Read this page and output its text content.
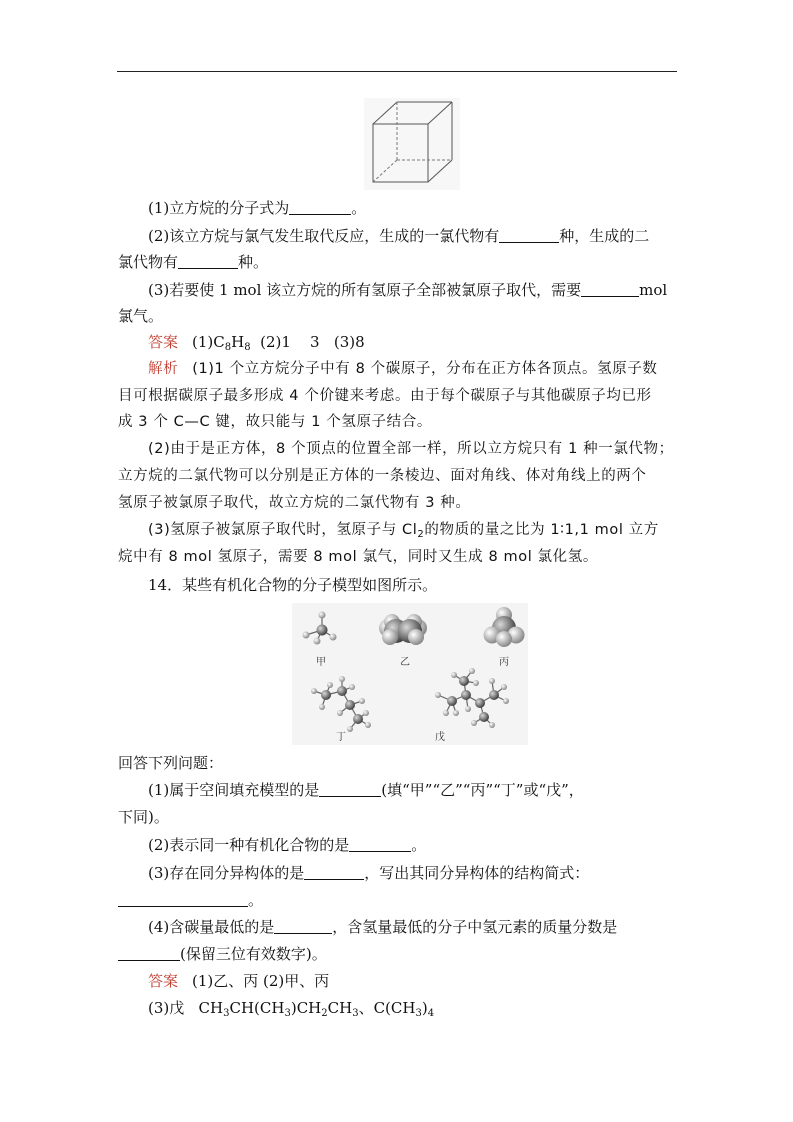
(1)立方烷的分子式为	。
(2)该立方烷与氯气发生取代反应，生成的一氯代物有	种，生成的二
氯代物有	种。
(3)若要使 1 mol 该立方烷的所有氢原子全部被氯原子取代，需要	mol
氯气。
答案 $(1)C_8H_8$  (2)1    3   (3)8
解析 (1)1 个立方烷分子中有 8 个碳原子，分布在正方体各顶点。氢原子数
目可根据碳原子最多形成 4 个价键来考虑。由于每个碳原子与其他碳原子均已形
成 3 个 C—C 键，故只能与 1 个氢原子结合。
(2)由于是正方体，8 个顶点的位置全部一样，所以立方烷只有 1 种一氯代物；
立方烷的二氯代物可以分别是正方体的一条棱边、面对角线、体对角线上的两个
氢原子被氯原子取代，故立方烷的二氯代物有 3 种。
(3)氢原子被氯原子取代时，氢原子与 $Cl_2$的物质的量之比为 1∶1,1 mol 立方
烷中有 8 mol 氢原子，需要 8 mol 氯气，同时又生成 8 mol 氯化氢。
14．某些有机化合物的分子模型如图所示。
甲	乙	丙
丁	戊
回答下列问题：
(1)属于空间填充模型的是	(填“甲”“乙”“丙”“丁”或“戊”，
下同)。
(2)表示同一种有机化合物的是	。
(3)存在同分异构体的是	，写出其同分异构体的结构简式：
。
(4)含碳量最低的是	，含氢量最低的分子中氢元素的质量分数是
(保留三位有效数字)。
答案 (1)乙、丙 (2)甲、丙
(3)戊   $CH_3CH(CH_3)CH_2CH_3$、$C(CH_3)_4$
